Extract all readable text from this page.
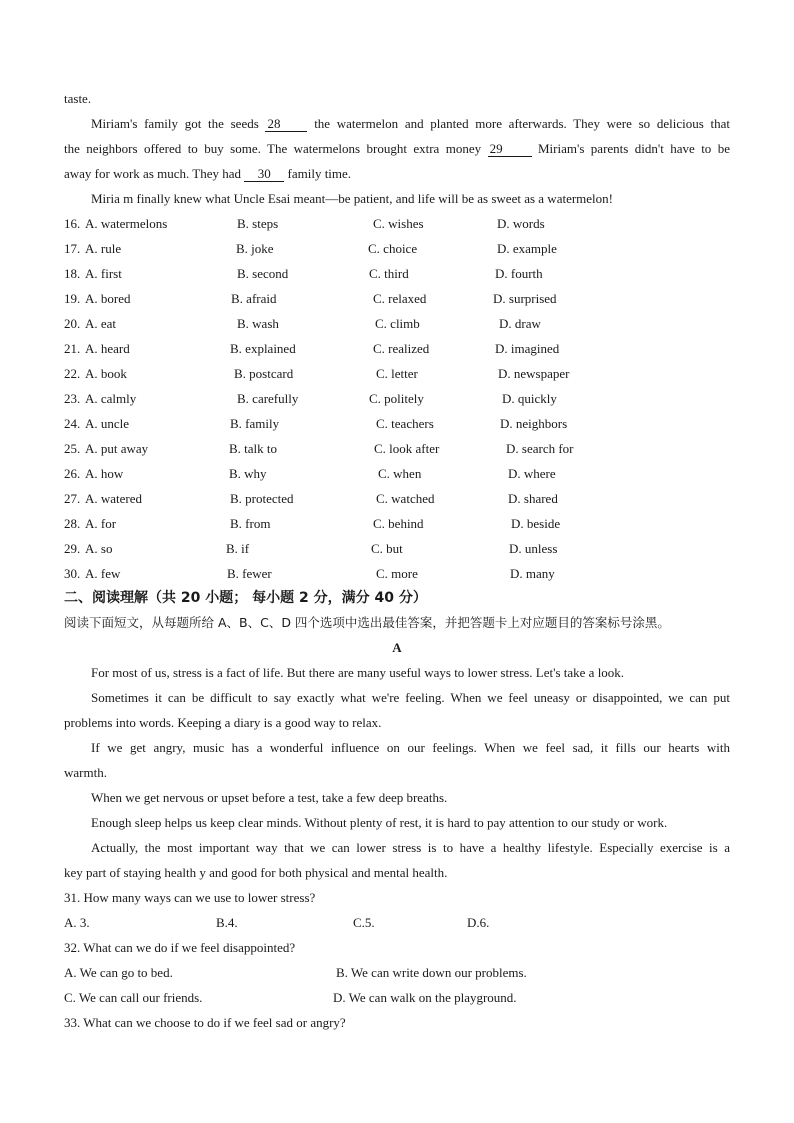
taste.
Miriam's family got the seeds 28	the watermelon and planted more afterwards. They were so delicious that
the neighbors offered to buy some. The watermelons brought extra money 29	Miriam's parents didn't have to be
away for work as much. They had 30 family time.
Miria m finally knew what Uncle Esai meant—be patient, and life will be as sweet as a watermelon!
16. A. watermelons	B. steps	C. wishes	D. words
17. A. rule	B. joke	C. choice	D. example
18. A. first	B. second	C. third	D. fourth
19. A. bored	B. afraid	C. relaxed	D. surprised
20. A. eat	B. wash	C. climb	D. draw
21. A. heard	B. explained	C. realized	D. imagined
22. A. book	B. postcard	C. letter	D. newspaper
23. A. calmly	B. carefully	C. politely	D. quickly
24. A. uncle	B. family	C. teachers	D. neighbors
25. A. put away	B. talk to	C. look after	D. search for
26. A. how	B. why	C. when	D. where
27. A. watered	B. protected	C. watched	D. shared
28. A. for	B. from	C. behind	D. beside
29. A. so	B. if	C. but	D. unless
30. A. few	B. fewer	C. more	D. many
二、阅读理解（共 20 小题； 每小题 2 分，满分 40 分）
阅读下面短文，从每题所给 A、B、C、D 四个选项中选出最佳答案，并把答题卡上对应题目的答案标号涂黑。
A
For most of us, stress is a fact of life. But there are many useful ways to lower stress. Let's take a look.
Sometimes it can be difficult to say exactly what we're feeling. When we feel uneasy or disappointed, we can put
problems into words. Keeping a diary is a good way to relax.
If we get angry, music has a wonderful influence on our feelings. When we feel sad, it fills our hearts with
warmth.
When we get nervous or upset before a test, take a few deep breaths.
Enough sleep helps us keep clear minds. Without plenty of rest, it is hard to pay attention to our study or work.
Actually, the most important way that we can lower stress is to have a healthy lifestyle. Especially exercise is a
key part of staying health y and good for both physical and mental health.
31. How many ways can we use to lower stress?
A. 3.	B.4.	C.5.	D.6.
32. What can we do if we feel disappointed?
A. We can go to bed.	B. We can write down our problems.
C. We can call our friends.	D. We can walk on the playground.
33. What can we choose to do if we feel sad or angry?
